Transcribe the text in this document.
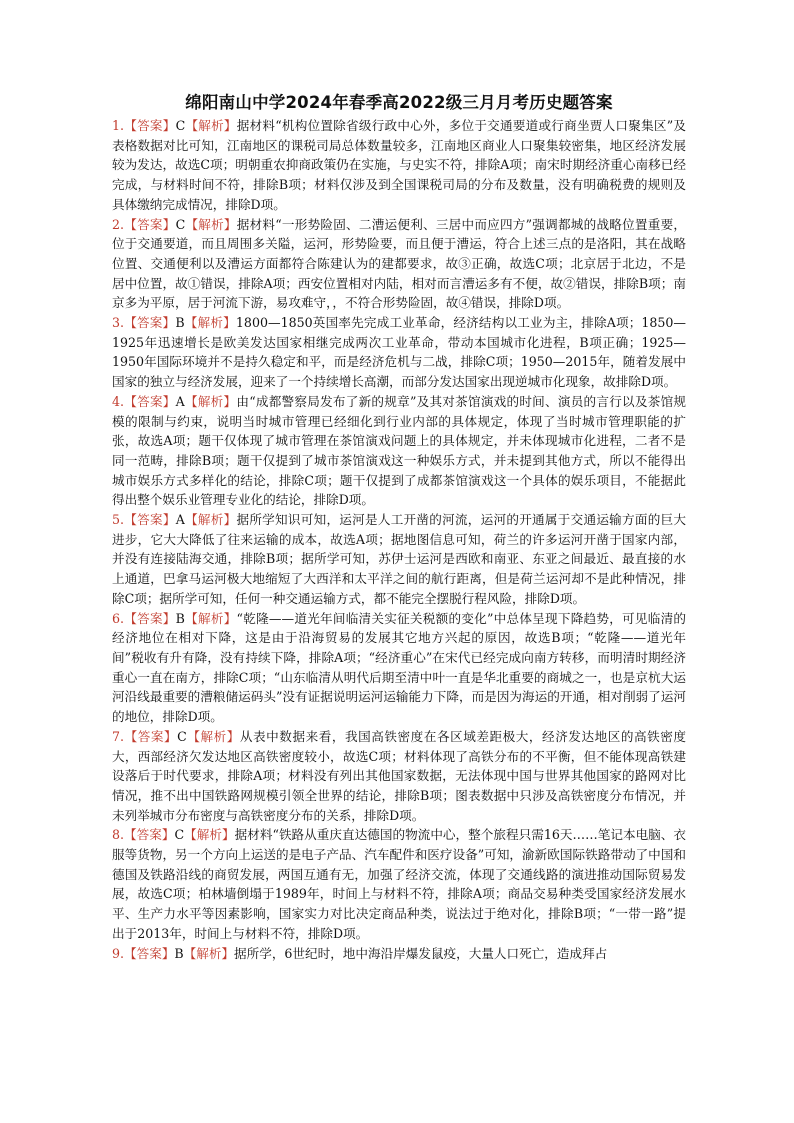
绵阳南山中学2024年春季高2022级三月月考历史题答案

1.【答案】C【解析】据材料“机构位置除省级行政中心外，多位于交通要道或行商坐贾人口聚集区”及表格数据对比可知，江南地区的课税司局总体数量较多，江南地区商业人口聚集较密集，地区经济发展较为发达，故选C项；明朝重农抑商政策仍在实施，与史实不符，排除A项；南宋时期经济重心南移已经完成，与材料时间不符，排除B项；材料仅涉及到全国课税司局的分布及数量，没有明确税费的规则及具体缴纳完成情况，排除D项。

2.【答案】C【解析】据材料“一形势险固、二漕运便利、三居中而应四方”强调都城的战略位置重要，位于交通要道，而且周围多关隘，运河，形势险要，而且便于漕运，符合上述三点的是洛阳，其在战略位置、交通便利以及漕运方面都符合陈建认为的建都要求，故③正确，故选C项；北京居于北边，不是居中位置，故①错误，排除A项；西安位置相对内陆，相对而言漕运多有不便，故②错误，排除B项；南京多为平原，居于河流下游，易攻难守，，不符合形势险固，故④错误，排除D项。

3.【答案】B【解析】1800—1850英国率先完成工业革命，经济结构以工业为主，排除A项；1850—1925年迅速增长是欧美发达国家相继完成两次工业革命，带动本国城市化进程，B项正确；1925—1950年国际环境并不是持久稳定和平，而是经济危机与二战，排除C项；1950—2015年，随着发展中国家的独立与经济发展，迎来了一个持续增长高潮，而部分发达国家出现逆城市化现象，故排除D项。

4.【答案】A【解析】由“成都警察局发布了新的规章”及其对茶馆演戏的时间、演员的言行以及茶馆规模的限制与约束，说明当时城市管理已经细化到行业内部的具体规定，体现了当时城市管理职能的扩张，故选A项；题干仅体现了城市管理在茶馆演戏问题上的具体规定，并未体现城市化进程，二者不是同一范畴，排除B项；题干仅提到了城市茶馆演戏这一种娱乐方式，并未提到其他方式，所以不能得出城市娱乐方式多样化的结论，排除C项；题干仅提到了成都茶馆演戏这一个具体的娱乐项目，不能据此得出整个娱乐业管理专业化的结论，排除D项。

5.【答案】A【解析】据所学知识可知，运河是人工开凿的河流，运河的开通属于交通运输方面的巨大进步，它大大降低了往来运输的成本，故选A项；据地图信息可知，荷兰的许多运河开凿于国家内部，并没有连接陆海交通，排除B项；据所学可知，苏伊士运河是西欧和南亚、东亚之间最近、最直接的水上通道，巴拿马运河极大地缩短了大西洋和太平洋之间的航行距离，但是荷兰运河却不是此种情况，排除C项；据所学可知，任何一种交通运输方式，都不能完全摆脱行程风险，排除D项。

6.【答案】B【解析】“乾隆——道光年间临清关实征关税额的变化”中总体呈现下降趋势，可见临清的经济地位在相对下降，这是由于沿海贸易的发展其它地方兴起的原因，故选B项；“乾隆——道光年间”税收有升有降，没有持续下降，排除A项；“经济重心”在宋代已经完成向南方转移，而明清时期经济重心一直在南方，排除C项；“山东临清从明代后期至清中叶一直是华北重要的商城之一，也是京杭大运河沿线最重要的漕粮储运码头”没有证据说明运河运输能力下降，而是因为海运的开通，相对削弱了运河的地位，排除D项。

7.【答案】C【解析】从表中数据来看，我国高铁密度在各区域差距极大，经济发达地区的高铁密度大，西部经济欠发达地区高铁密度较小，故选C项；材料体现了高铁分布的不平衡，但不能体现高铁建设落后于时代要求，排除A项；材料没有列出其他国家数据，无法体现中国与世界其他国家的路网对比情况，推不出中国铁路网规模引领全世界的结论，排除B项；图表数据中只涉及高铁密度分布情况，并未列举城市分布密度与高铁密度分布的关系，排除D项。

8.【答案】C【解析】据材料“铁路从重庆直达德国的物流中心，整个旅程只需16天……笔记本电脑、衣服等货物，另一个方向上运送的是电子产品、汽车配件和医疗设备”可知，渝新欧国际铁路带动了中国和德国及铁路沿线的商贸发展，两国互通有无，加强了经济交流，体现了交通线路的演进推动国际贸易发展，故选C项；柏林墙倒塌于1989年，时间上与材料不符，排除A项；商品交易种类受国家经济发展水平、生产力水平等因素影响，国家实力对比决定商品种类，说法过于绝对化，排除B项；“一带一路”提出于2013年，时间上与材料不符，排除D项。

9.【答案】B【解析】据所学，6世纪时，地中海沿岸爆发鼠疫，大量人口死亡，造成拜占
